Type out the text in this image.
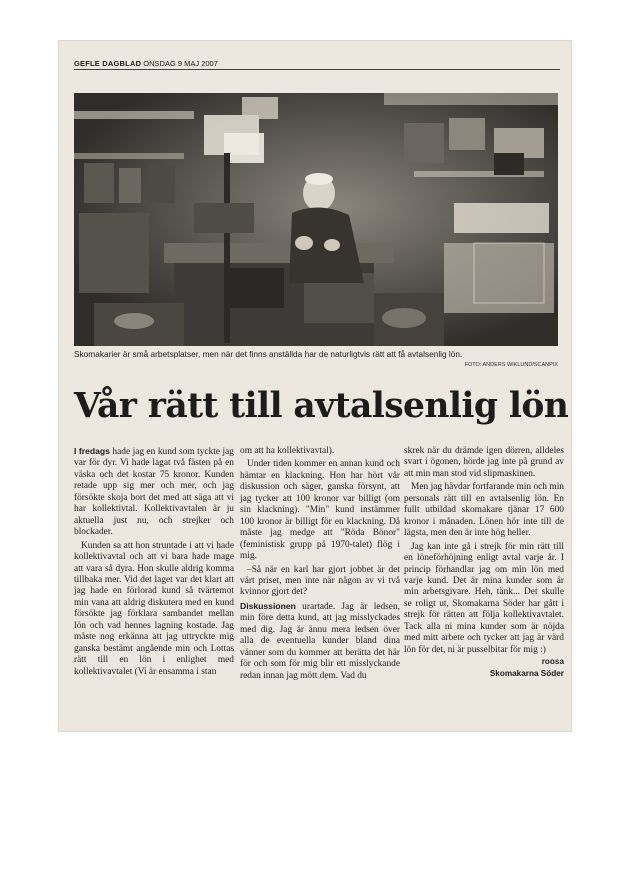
GEFLE DAGBLAD ONSDAG 9 MAJ 2007
Skomakarier är små arbetsplatser, men när det finns anställda har de naturligtvis rätt att få avtalsenlig lön.
FOTO: ANDERS WIKLUND/SCANPIX
Vår rätt till avtalsenlig lön

I fredags hade jag en kund som tyckte jag var för dyr. Vi hade lagat två fästen på en väska och det kostar 75 kronor. Kunden retade upp sig mer och mer, och jag försökte skoja bort det med att säga att vi har kollektivtal. Kollektivavtalen är ju aktuella just nu, och strejker och blockader.

Kunden sa att hon struntade i att vi hade kollektivavtal och att vi bara hade mage att vara så dyra. Hon skulle aldrig komma tillbaka mer. Vid det laget var det klart att jag hade en förlorad kund så tvärtemot min vana att aldrig diskutera med en kund försökte jag förklara sambandet mellan lön och vad hennes lagning kostade. Jag måste nog erkänna att jag uttryckte mig ganska bestämt angående min och Lottas rätt till en lön i enlighet med kollektivavtalet (Vi är ensamma i stan

om att ha kollektivavtal).

Under tiden kommer en annan kund och hämtar en klackning. Hon har hört vår diskussion och säger, ganska försynt, att jag tycker att 100 kronor var billigt (om sin klackning). "Min" kund instämmer 100 kronor är billigt för en klackning. Då måste jag medge att "Röda Bönor" (feministisk grupp på 1970-talet) flög i mig.

–Så när en karl har gjort jobbet är det värt priset, men inte när någon av vi två kvinnor gjort det?

Diskussionen urartade. Jag är ledsen, min före detta kund, att jag misslyckades med dig. Jag är ännu mera ledsen över alla de eventuella kunder bland dina vänner som du kommer att berätta det här för och som för mig blir ett misslyckande redan innan jag mött dem. Vad du

skrek när du drämde igen dörren, alldeles svart i ögonen, hörde jag inte på grund av att min man stod vid slipmaskinen.

Men jag hävdar fortfarande min och min personals rätt till en avtalsenlig lön. En fullt utbildad skomakare tjänar 17 600 kronor i månaden. Lönen hör inte till de lägsta, men den är inte hög heller.

Jag kan inte gå i strejk för min rätt till en löneförhöjning enligt avtal varje år. I princip förhandlar jag om min lön med varje kund. Det är mina kunder som är min arbetsgivare. Heh, tänk... Det skulle se roligt ut, Skomakarna Söder har gått i strejk för rätten att följa kollektivavtalet. Tack alla ni mina kunder som är nöjda med mitt arbete och tycker att jag är värd lön för det, ni är pusselbitar för mig :)

roosa
Skomakarna Söder
